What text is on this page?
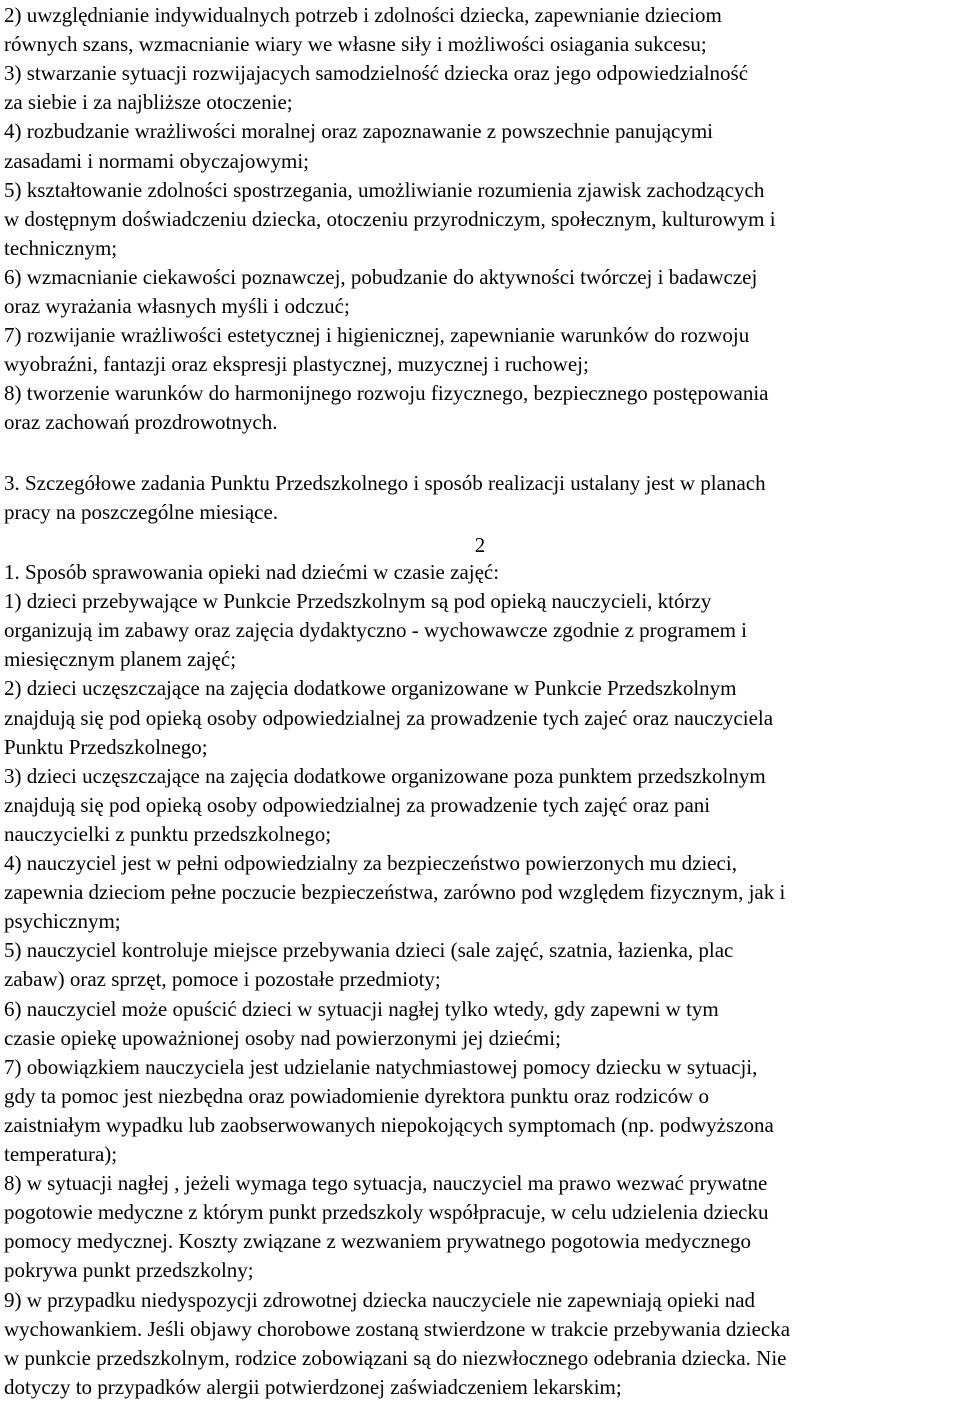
2) uwzględnianie indywidualnych potrzeb i zdolności dziecka, zapewnianie dzieciom
równych szans, wzmacnianie wiary we własne siły i możliwości osiagania sukcesu;
3) stwarzanie sytuacji rozwijajacych samodzielność dziecka oraz jego odpowiedzialność
za siebie i za najbliższe otoczenie;
4) rozbudzanie wrażliwości moralnej oraz zapoznawanie z powszechnie panującymi
zasadami i normami obyczajowymi;
5) kształtowanie zdolności spostrzegania, umożliwianie rozumienia zjawisk zachodzących
w dostępnym doświadczeniu dziecka, otoczeniu przyrodniczym, społecznym, kulturowym i
technicznym;
6) wzmacnianie ciekawości poznawczej, pobudzanie do aktywności twórczej i badawczej
oraz wyrażania własnych myśli i odczuć;
7) rozwijanie wrażliwości estetycznej i higienicznej, zapewnianie warunków do rozwoju
wyobraźni, fantazji oraz ekspresji plastycznej, muzycznej i ruchowej;
8) tworzenie warunków do harmonijnego rozwoju fizycznego, bezpiecznego postępowania
oraz zachowań prozdrowotnych.
3. Szczegółowe zadania Punktu Przedszkolnego i sposób realizacji ustalany jest w planach
pracy na poszczególne miesiące.
2
1. Sposób sprawowania opieki nad dziećmi w czasie zajęć:
1) dzieci przebywające w Punkcie Przedszkolnym są pod opieką nauczycieli, którzy
organizują im zabawy oraz zajęcia dydaktyczno - wychowawcze zgodnie z programem i
miesięcznym planem zajęć;
2) dzieci uczęszczające na zajęcia dodatkowe organizowane w Punkcie Przedszkolnym
znajdują się pod opieką osoby odpowiedzialnej za prowadzenie tych zajeć oraz nauczyciela
Punktu Przedszkolnego;
3) dzieci uczęszczające na zajęcia dodatkowe organizowane poza punktem przedszkolnym
znajdują się pod opieką osoby odpowiedzialnej za prowadzenie tych zajęć oraz pani
nauczycielki z punktu przedszkolnego;
4) nauczyciel jest w pełni odpowiedzialny za bezpieczeństwo powierzonych mu dzieci,
zapewnia dzieciom pełne poczucie bezpieczeństwa, zarówno pod względem fizycznym, jak i
psychicznym;
5) nauczyciel kontroluje miejsce przebywania dzieci (sale zajęć, szatnia, łazienka, plac
zabaw) oraz sprzęt, pomoce i pozostałe przedmioty;
6) nauczyciel może opuścić dzieci w sytuacji nagłej tylko wtedy, gdy zapewni w tym
czasie opiekę upoważnionej osoby nad powierzonymi jej dziećmi;
7) obowiązkiem nauczyciela jest udzielanie natychmiastowej pomocy dziecku w sytuacji,
gdy ta pomoc jest niezbędna oraz powiadomienie dyrektora punktu oraz rodziców o
zaistniałym wypadku lub zaobserwowanych niepokojących symptomach (np. podwyższona
temperatura);
8) w sytuacji nagłej , jeżeli wymaga tego sytuacja, nauczyciel ma prawo wezwać prywatne
pogotowie medyczne z którym punkt przedszkoly współpracuje, w celu udzielenia dziecku
pomocy medycznej. Koszty związane z wezwaniem prywatnego pogotowia medycznego
pokrywa punkt przedszkolny;
9) w przypadku niedyspozycji zdrowotnej dziecka nauczyciele nie zapewniają opieki nad
wychowankiem. Jeśli objawy chorobowe zostaną stwierdzone w trakcie przebywania dziecka
w punkcie przedszkolnym, rodzice zobowiązani są do niezwłocznego odebrania dziecka. Nie
dotyczy to przypadków alergii potwierdzonej zaświadczeniem lekarskim;
